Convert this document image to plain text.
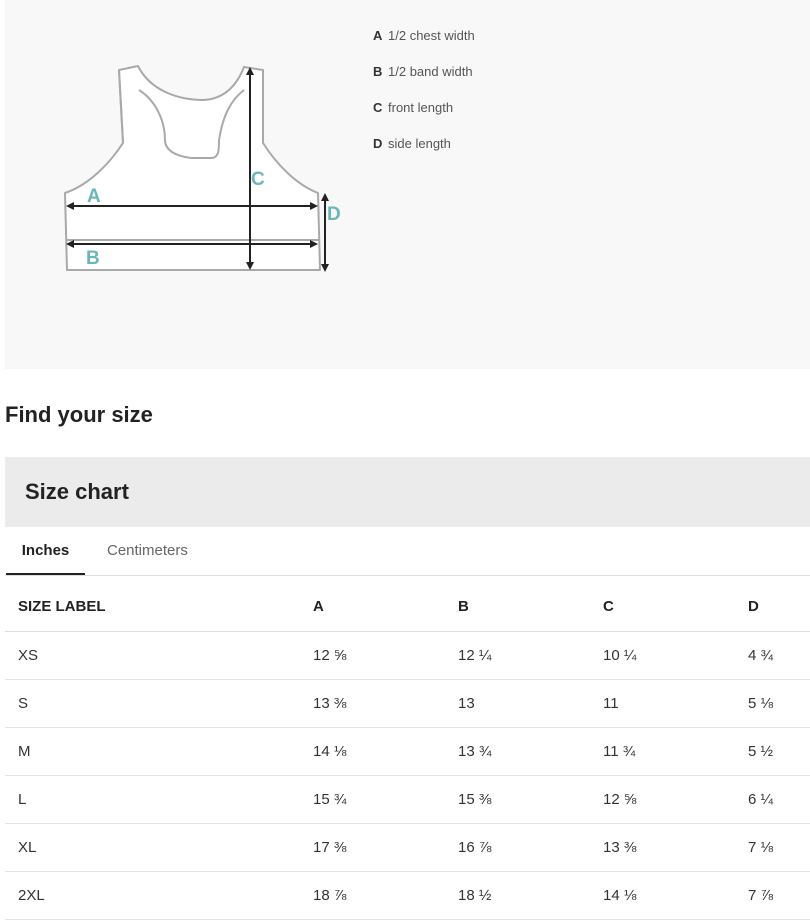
A
B
C
D
A 1/2 chest width
B 1/2 band width
C front length
D side length
Find your size
Size chart
Inches	Centimeters
SIZE LABEL	A	B	C	D
XS	12 ⅝	12 ¼	10 ¼	4 ¾
S	13 ⅜	13	11	5 ⅛
M	14 ⅛	13 ¾	11 ¾	5 ½
L	15 ¾	15 ⅜	12 ⅝	6 ¼
XL	17 ⅜	16 ⅞	13 ⅜	7 ⅛
2XL	18 ⅞	18 ½	14 ⅛	7 ⅞
